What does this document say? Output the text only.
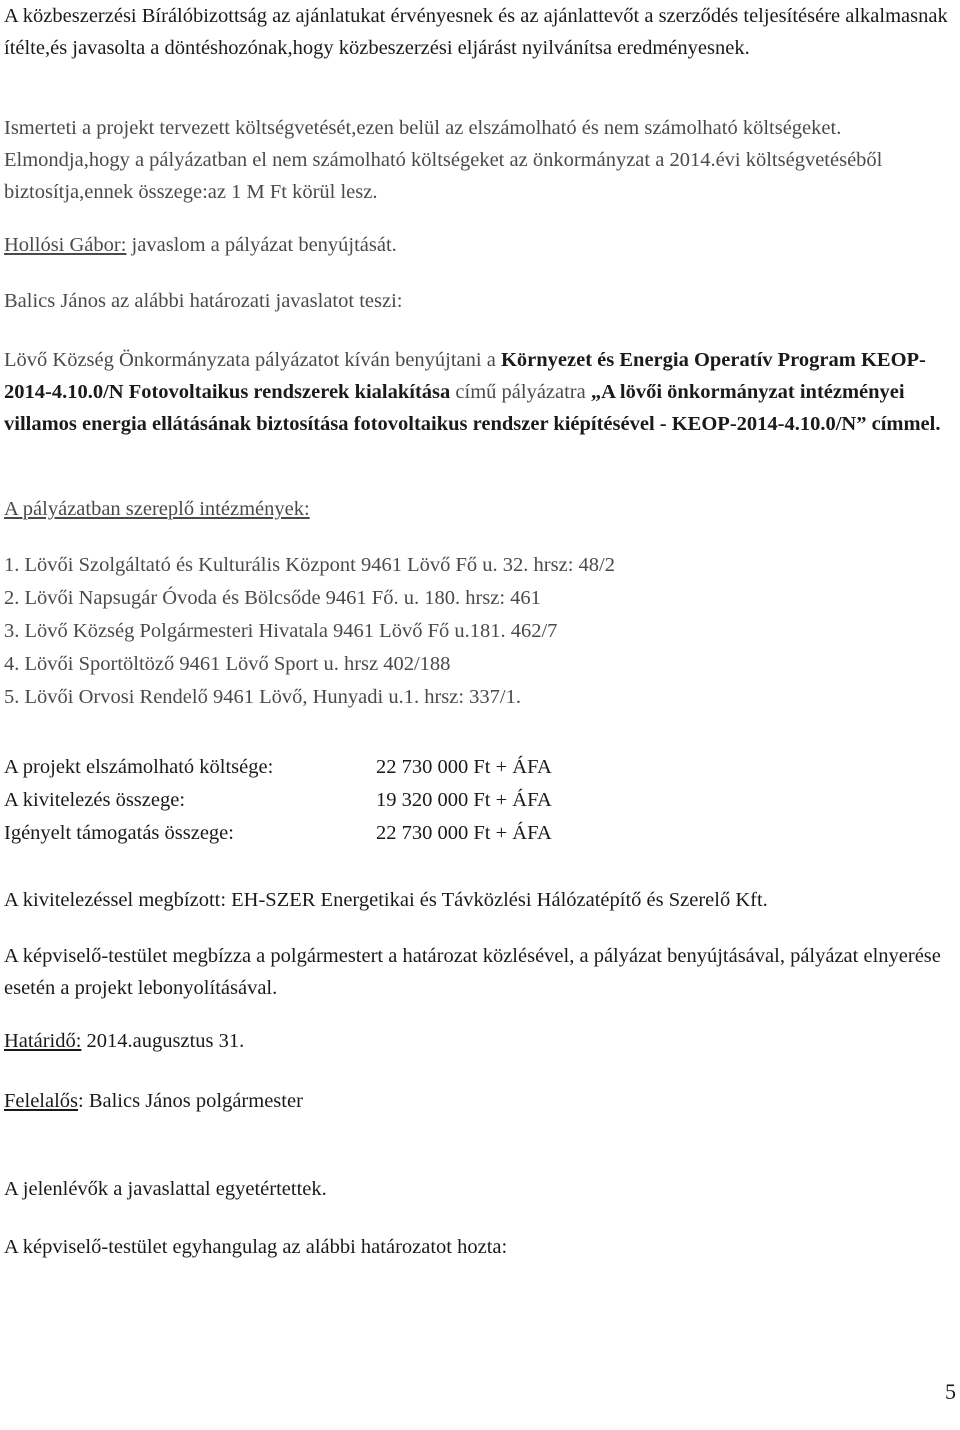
A közbeszerzési Bírálóbizottság az ajánlatukat érvényesnek és az ajánlattevőt a szerződés teljesítésére alkalmasnak ítélte,és javasolta a döntéshozónak,hogy közbeszerzési eljárást nyilvánítsa eredményesnek.

Ismerteti a projekt tervezett költségvetését,ezen belül az elszámolható és nem számolható költségeket. Elmondja,hogy a pályázatban el nem számolható költségeket az önkormányzat a 2014.évi költségvetéséből biztosítja,ennek összege:az 1 M Ft körül lesz.

Hollósi Gábor: javaslom a pályázat benyújtását.

Balics János az alábbi határozati javaslatot teszi:

Lövő Község Önkormányzata pályázatot kíván benyújtani a Környezet és Energia Operatív Program KEOP-2014-4.10.0/N Fotovoltaikus rendszerek kialakítása című pályázatra „A lövői önkormányzat intézményei villamos energia ellátásának biztosítása fotovoltaikus rendszer kiépítésével - KEOP-2014-4.10.0/N” címmel.

A pályázatban szereplő intézmények:

1. Lövői Szolgáltató és Kulturális Központ 9461 Lövő Fő u. 32. hrsz: 48/2
2. Lövői Napsugár Óvoda és Bölcsőde 9461 Fő. u. 180. hrsz: 461
3. Lövő Község Polgármesteri Hivatala 9461 Lövő Fő u.181. 462/7
4. Lövői Sportöltöző 9461 Lövő Sport u. hrsz 402/188
5. Lövői Orvosi Rendelő 9461 Lövő, Hunyadi u.1. hrsz: 337/1.
A projekt elszámolható költsége:	22 730 000 Ft + ÁFA
A kivitelezés összege:	19 320 000 Ft + ÁFA
Igényelt támogatás összege:	22 730 000 Ft + ÁFA

A kivitelezéssel megbízott: EH-SZER Energetikai és Távközlési Hálózatépítő és Szerelő Kft.

A képviselő-testület megbízza a polgármestert a határozat közlésével, a pályázat benyújtásával, pályázat elnyerése esetén a projekt lebonyolításával.

Határidő: 2014.augusztus 31.

Felelalős: Balics János polgármester

A jelenlévők a javaslattal egyetértettek.

A képviselő-testület egyhangulag az alábbi határozatot hozta:

5
